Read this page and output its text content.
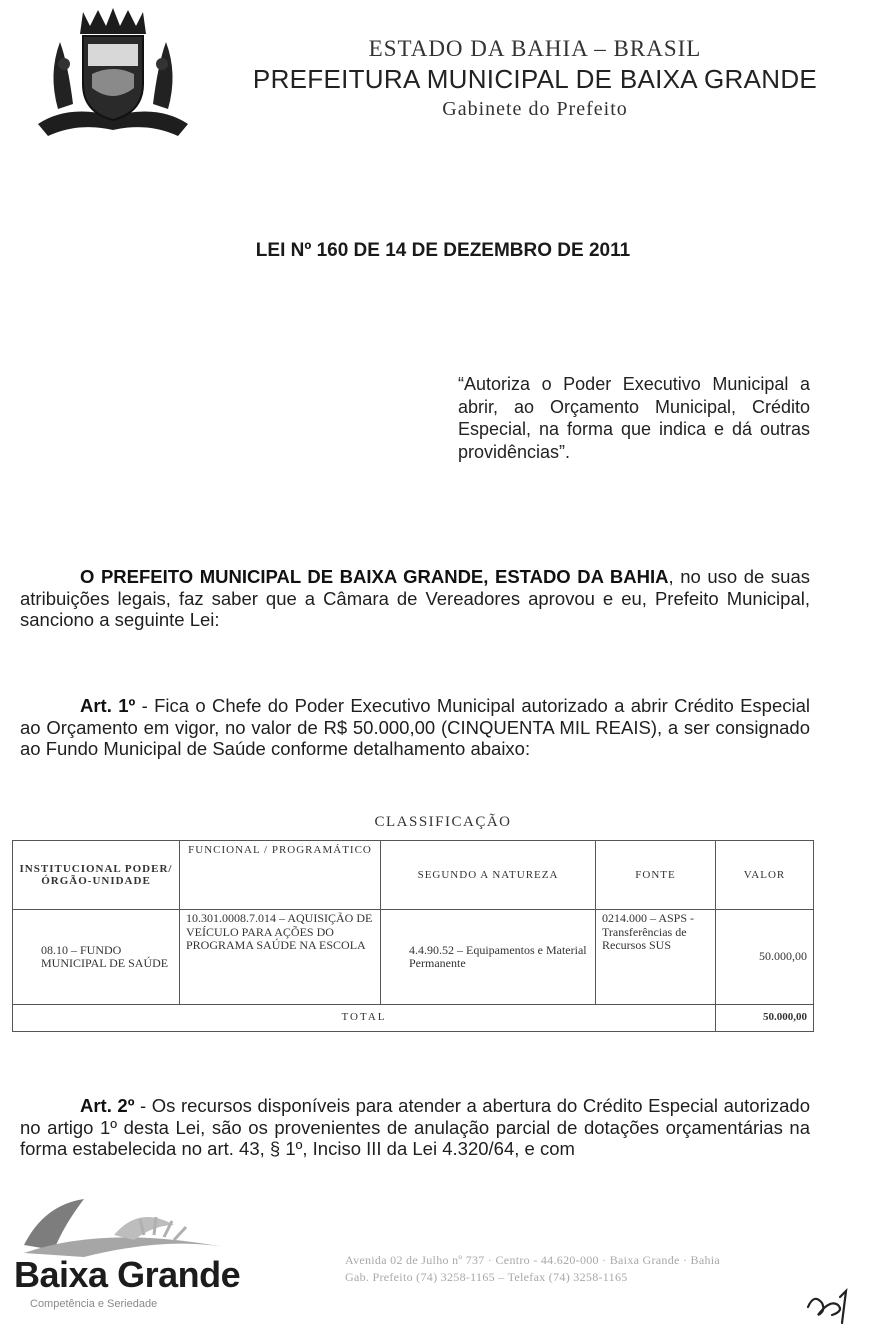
ESTADO DA BAHIA – BRASIL
PREFEITURA MUNICIPAL DE BAIXA GRANDE
Gabinete do Prefeito
LEI Nº 160 DE 14 DE DEZEMBRO DE 2011
“Autoriza o Poder Executivo Municipal a abrir, ao Orçamento Municipal, Crédito Especial, na forma que indica e dá outras providências”.
O PREFEITO MUNICIPAL DE BAIXA GRANDE, ESTADO DA BAHIA, no uso de suas atribuições legais, faz saber que a Câmara de Vereadores aprovou e eu, Prefeito Municipal, sanciono a seguinte Lei:
Art. 1º - Fica o Chefe do Poder Executivo Municipal autorizado a abrir Crédito Especial ao Orçamento em vigor, no valor de R$ 50.000,00 (CINQUENTA MIL REAIS), a ser consignado ao Fundo Municipal de Saúde conforme detalhamento abaixo:
CLASSIFICAÇÃO
INSTITUCIONAL PODER/ÓRGÃO-UNIDADE	FUNCIONAL / PROGRAMÁTICO	SEGUNDO A NATUREZA	FONTE	VALOR
08.10 – FUNDO MUNICIPAL DE SAÚDE	10.301.0008.7.014 – AQUISIÇÃO DE VEÍCULO PARA AÇÕES DO PROGRAMA SAÚDE NA ESCOLA	4.4.90.52 – Equipamentos e Material Permanente	0214.000 – ASPS - Transferências de Recursos SUS	50.000,00
TOTAL				50.000,00
Art. 2º - Os recursos disponíveis para atender a abertura do Crédito Especial autorizado no artigo 1º desta Lei, são os provenientes de anulação parcial de dotações orçamentárias na forma estabelecida no art. 43, § 1º, Inciso III da Lei 4.320/64, e com
Baixa Grande
Competência e Seriedade
Avenida 02 de Julho nº 737 · Centro - 44.620-000 · Baixa Grande · Bahia
Gab. Prefeito (74) 3258-1165 – Telefax (74) 3258-1165
